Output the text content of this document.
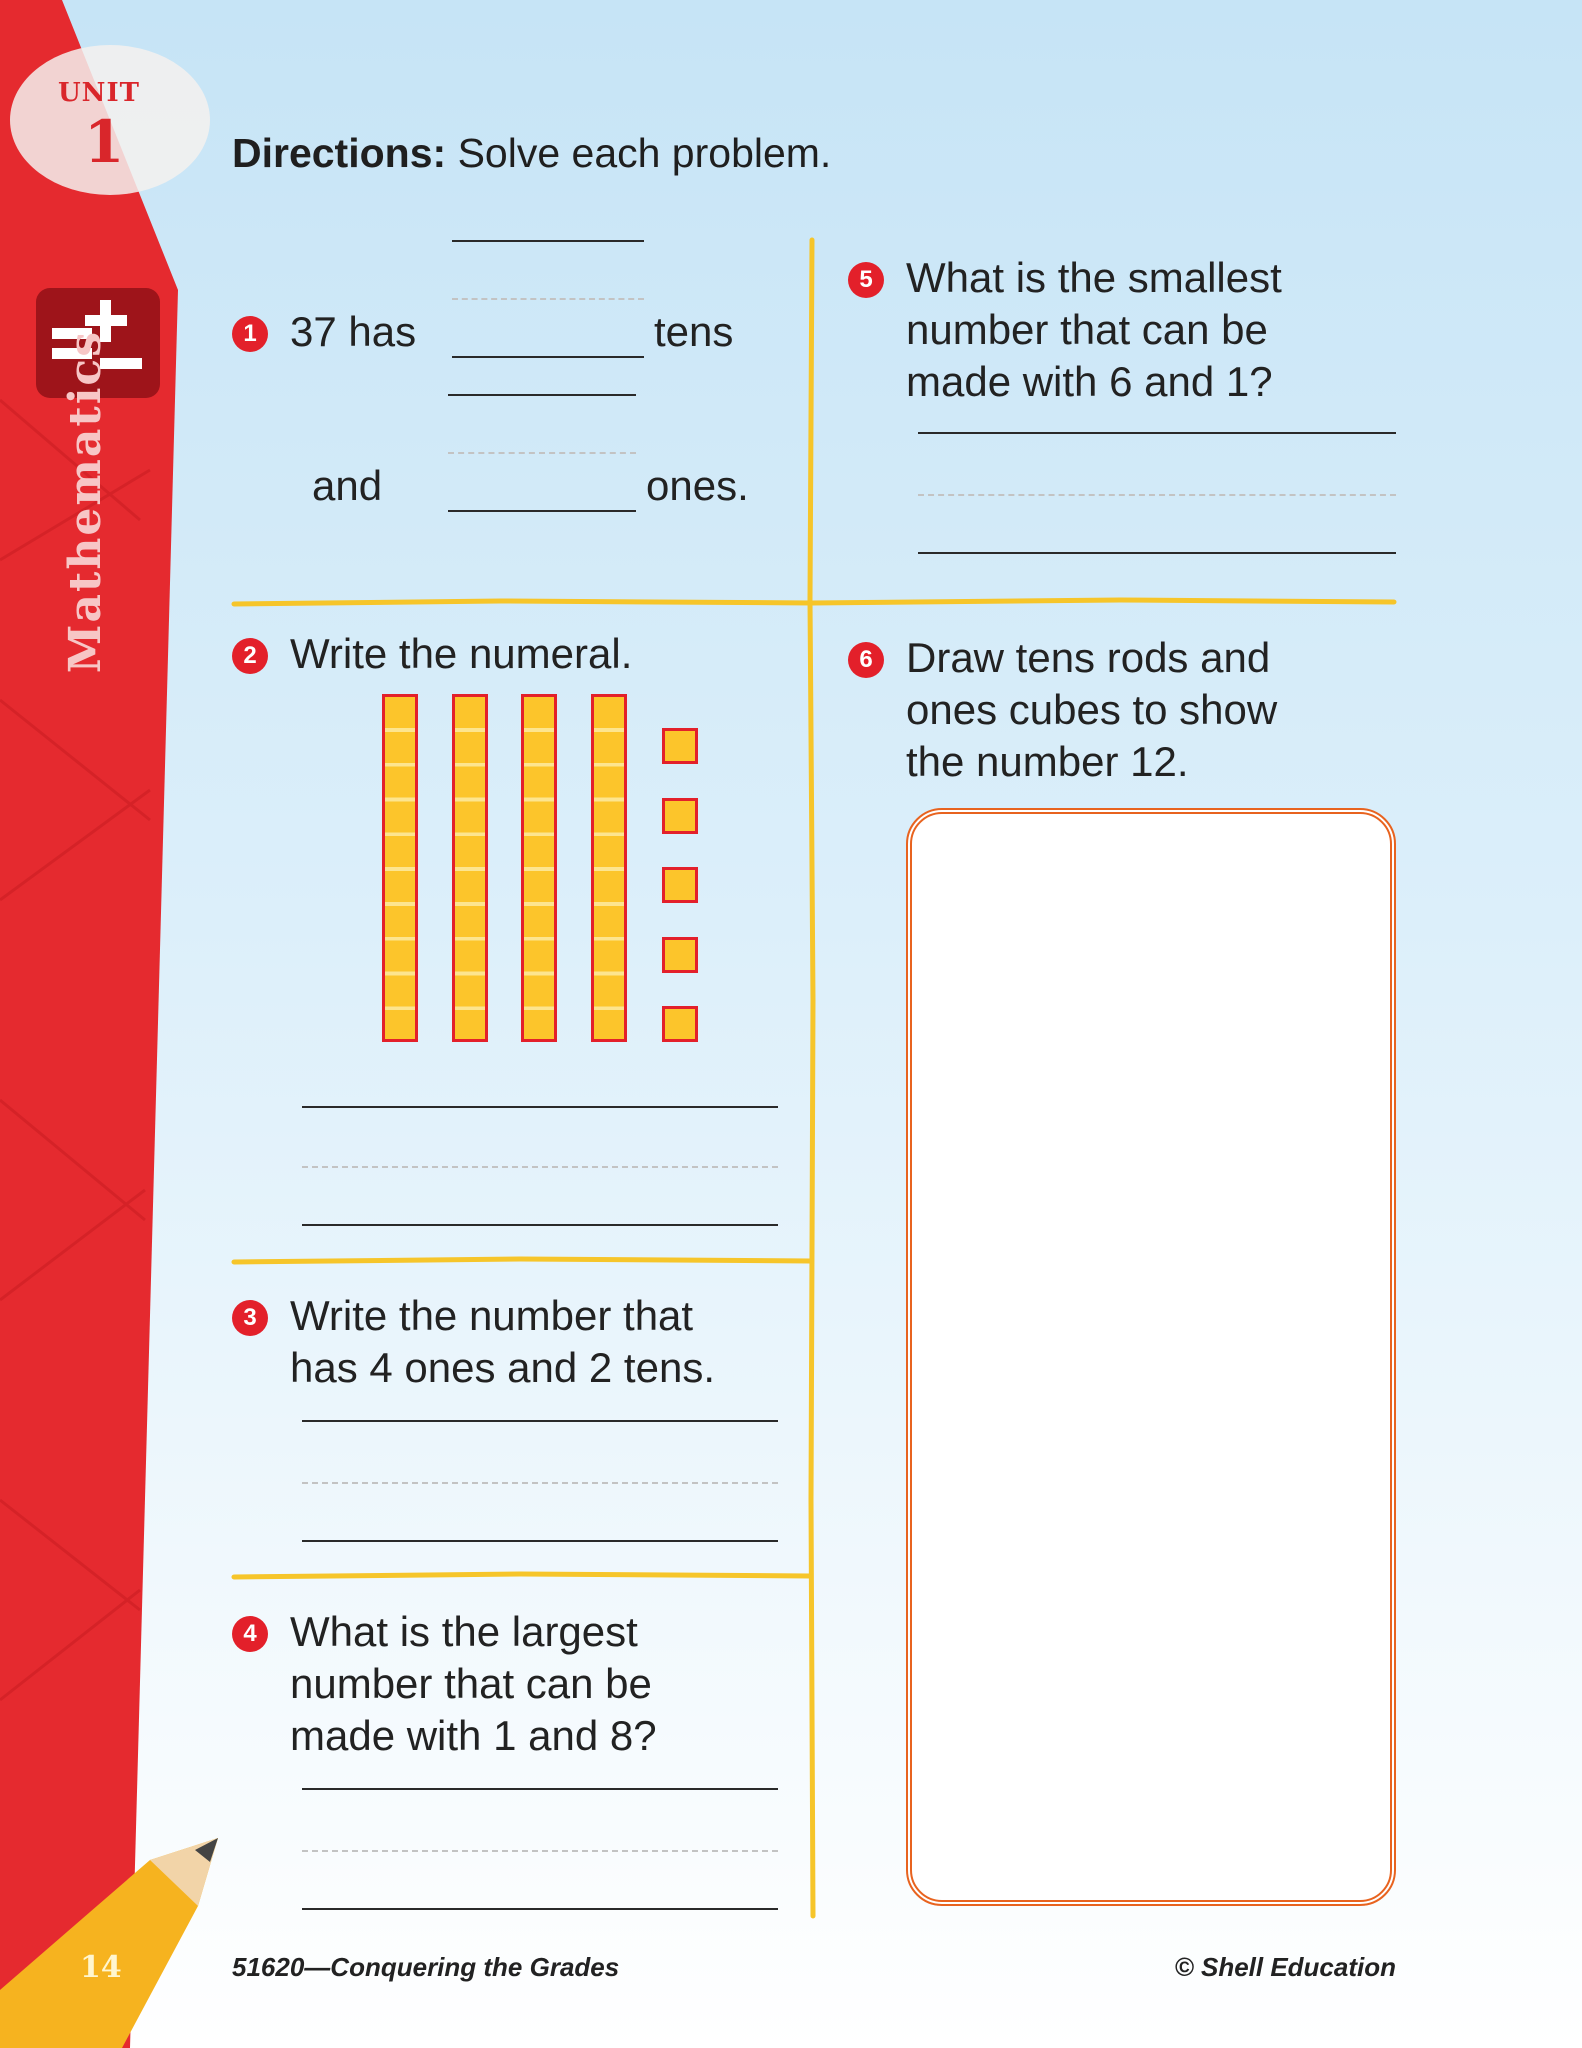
UNIT
1
Mathematics
14
Directions: Solve each problem.
1 37 has	tens
and	ones.
2 Write the numeral.
3 Write the number that
has 4 ones and 2 tens.
4 What is the largest
number that can be
made with 1 and 8?
5 What is the smallest
number that can be
made with 6 and 1?
6 Draw tens rods and
ones cubes to show
the number 12.
51620—Conquering the Grades	© Shell Education
